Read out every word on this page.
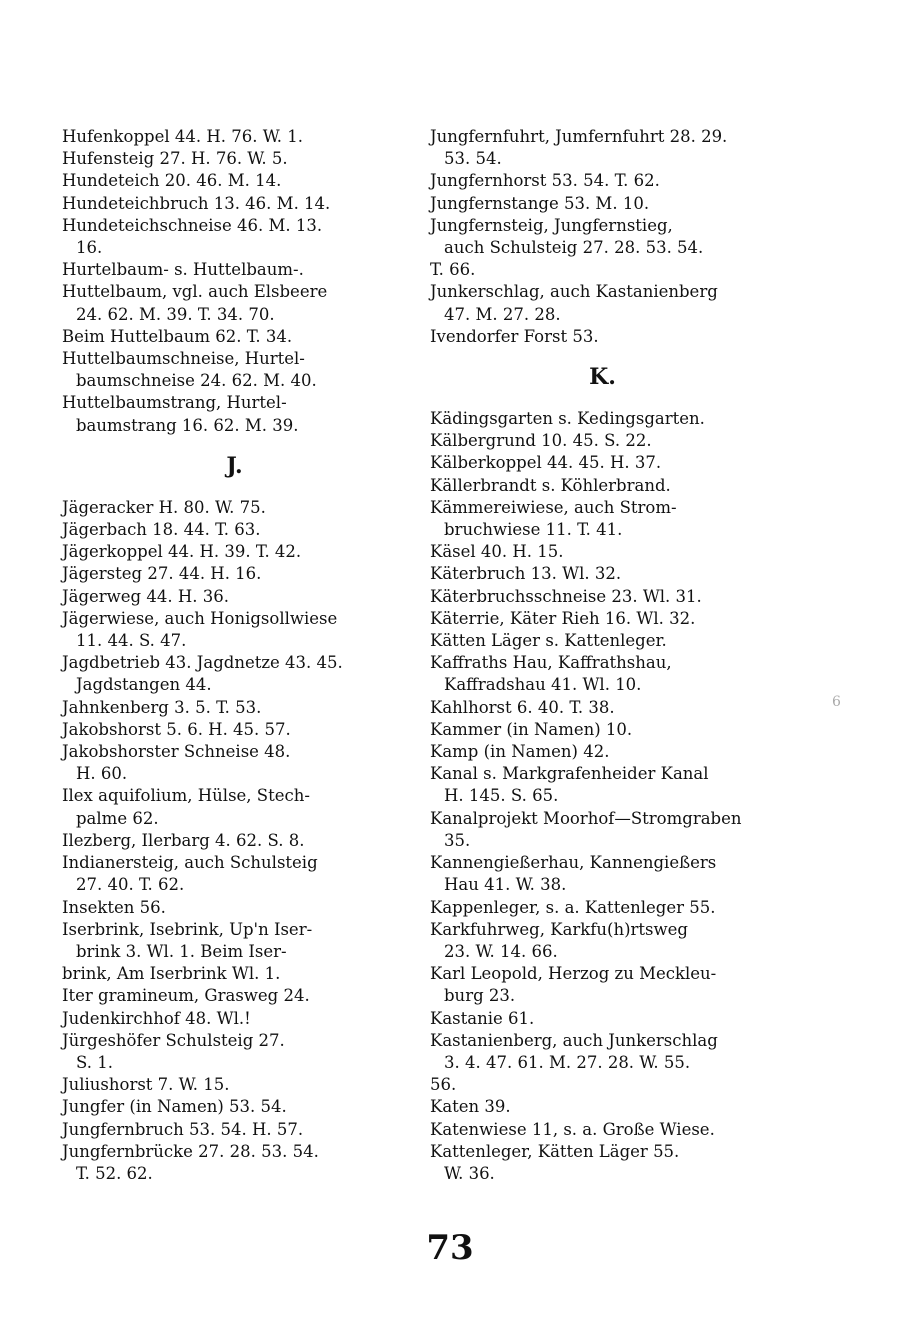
Hufenkoppel 44. H. 76. W. 1.
Hufensteig 27. H. 76. W. 5.
Hundeteich 20. 46. M. 14.
Hundeteichbruch 13. 46. M. 14.
Hundeteichschneise 46. M. 13.
16.
Hurtelbaum- s. Huttelbaum-.
Huttelbaum, vgl. auch Elsbeere
24. 62. M. 39. T. 34. 70.
Beim Huttelbaum 62. T. 34.
Huttelbaumschneise, Hurtel-
baumschneise 24. 62. M. 40.
Huttelbaumstrang, Hurtel-
baumstrang 16. 62. M. 39.
J.
Jägeracker H. 80. W. 75.
Jägerbach 18. 44. T. 63.
Jägerkoppel 44. H. 39. T. 42.
Jägersteg 27. 44. H. 16.
Jägerweg 44. H. 36.
Jägerwiese, auch Honigsollwiese
11. 44. S. 47.
Jagdbetrieb 43. Jagdnetze 43. 45.
Jagdstangen 44.
Jahnkenberg 3. 5. T. 53.
Jakobshorst 5. 6. H. 45. 57.
Jakobshorster Schneise 48.
H. 60.
Ilex aquifolium, Hülse, Stech-
palme 62.
Ilezberg, Ilerbarg 4. 62. S. 8.
Indianersteig, auch Schulsteig
27. 40. T. 62.
Insekten 56.
Iserbrink, Isebrink, Up'n Iser-
brink 3. Wl. 1. Beim Iser-
brink, Am Iserbrink Wl. 1.
Iter gramineum, Grasweg 24.
Judenkirchhof 48. Wl.!
Jürgeshöfer Schulsteig 27.
S. 1.
Juliushorst 7. W. 15.
Jungfer (in Namen) 53. 54.
Jungfernbruch 53. 54. H. 57.
Jungfernbrücke 27. 28. 53. 54.
T. 52. 62.
Jungfernfuhrt, Jumfernfuhrt 28. 29.
53. 54.
Jungfernhorst 53. 54. T. 62.
Jungfernstange 53. M. 10.
Jungfernsteig, Jungfernstieg,
auch Schulsteig 27. 28. 53. 54.
T. 66.
Junkerschlag, auch Kastanienberg
47. M. 27. 28.
Ivendorfer Forst 53.
K.
Kädingsgarten s. Kedingsgarten.
Kälbergrund 10. 45. S. 22.
Kälberkoppel 44. 45. H. 37.
Källerbrandt s. Köhlerbrand.
Kämmereiwiese, auch Strom-
bruchwiese 11. T. 41.
Käsel 40. H. 15.
Käterbruch 13. Wl. 32.
Käterbruchsschneise 23. Wl. 31.
Käterrie, Käter Rieh 16. Wl. 32.
Kätten Läger s. Kattenleger.
Kaffraths Hau, Kaffrathshau,
Kaffradshau 41. Wl. 10.
Kahlhorst 6. 40. T. 38.
Kammer (in Namen) 10.
Kamp (in Namen) 42.
Kanal s. Markgrafenheider Kanal
H. 145. S. 65.
Kanalprojekt Moorhof—Stromgraben
35.
Kannengießerhau, Kannengießers
Hau 41. W. 38.
Kappenleger, s. a. Kattenleger 55.
Karkfuhrweg, Karkfu(h)rtsweg
23. W. 14. 66.
Karl Leopold, Herzog zu Meckleu-
burg 23.
Kastanie 61.
Kastanienberg, auch Junkerschlag
3. 4. 47. 61. M. 27. 28. W. 55.
56.
Katen 39.
Katenwiese 11, s. a. Große Wiese.
Kattenleger, Kätten Läger 55.
W. 36.
6
73
